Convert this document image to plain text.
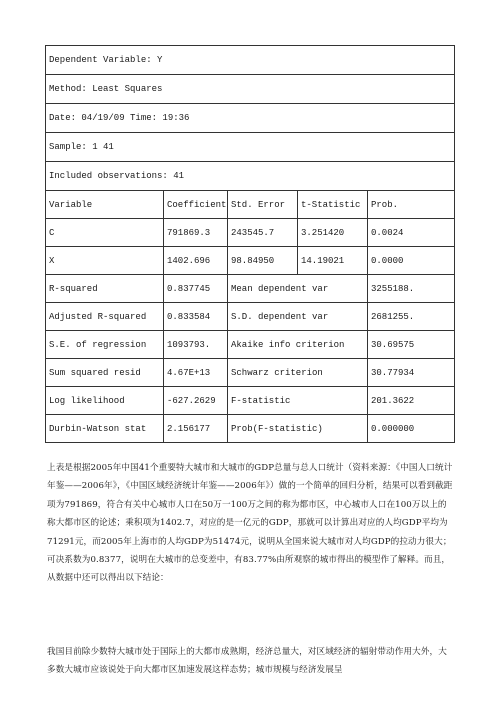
Dependent Variable: Y				
Method: Least Squares				
Date: 04/19/09 Time: 19:36				
Sample: 1 41				
Included observations: 41				
Variable	Coefficient	Std. Error	t-Statistic	Prob.
C	791869.3	243545.7	3.251420	0.0024
X	1402.696	98.84950	14.19021	0.0000
R-squared	0.837745	Mean dependent var		3255188.
Adjusted R-squared	0.833584	S.D. dependent var		2681255.
S.E. of regression	1093793.	Akaike info criterion		30.69575
Sum squared resid	4.67E+13	Schwarz criterion		30.77934
Log likelihood	-627.2629	F-statistic		201.3622
Durbin-Watson stat	2.156177	Prob(F-statistic)		0.000000

上表是根据2005年中国41个重要特大城市和大城市的GDP总量与总人口统计（资料来源：《中国人口统计年鉴——2006年》，《中国区域经济统计年鉴——2006年》）做的一个简单的回归分析，结果可以看到截距项为791869，符合有关中心城市人口在50万一100万之间的称为都市区，中心城市人口在100万以上的称大都市区的论述；乘积项为1402.7，对应的是一亿元的GDP，那就可以计算出对应的人均GDP平均为71291元，而2005年上海市的人均GDP为51474元，说明从全国来说大城市对人均GDP的拉动力很大；可决系数为0.8377，说明在大城市的总变差中，有83.77%由所观察的城市得出的模型作了解释。而且，从数据中还可以得出以下结论：

我国目前除少数特大城市处于国际上的大都市成熟期，经济总量大，对区域经济的辐射带动作用大外，大多数大城市应该说处于向大都市区加速发展这样态势；城市规模与经济发展呈
